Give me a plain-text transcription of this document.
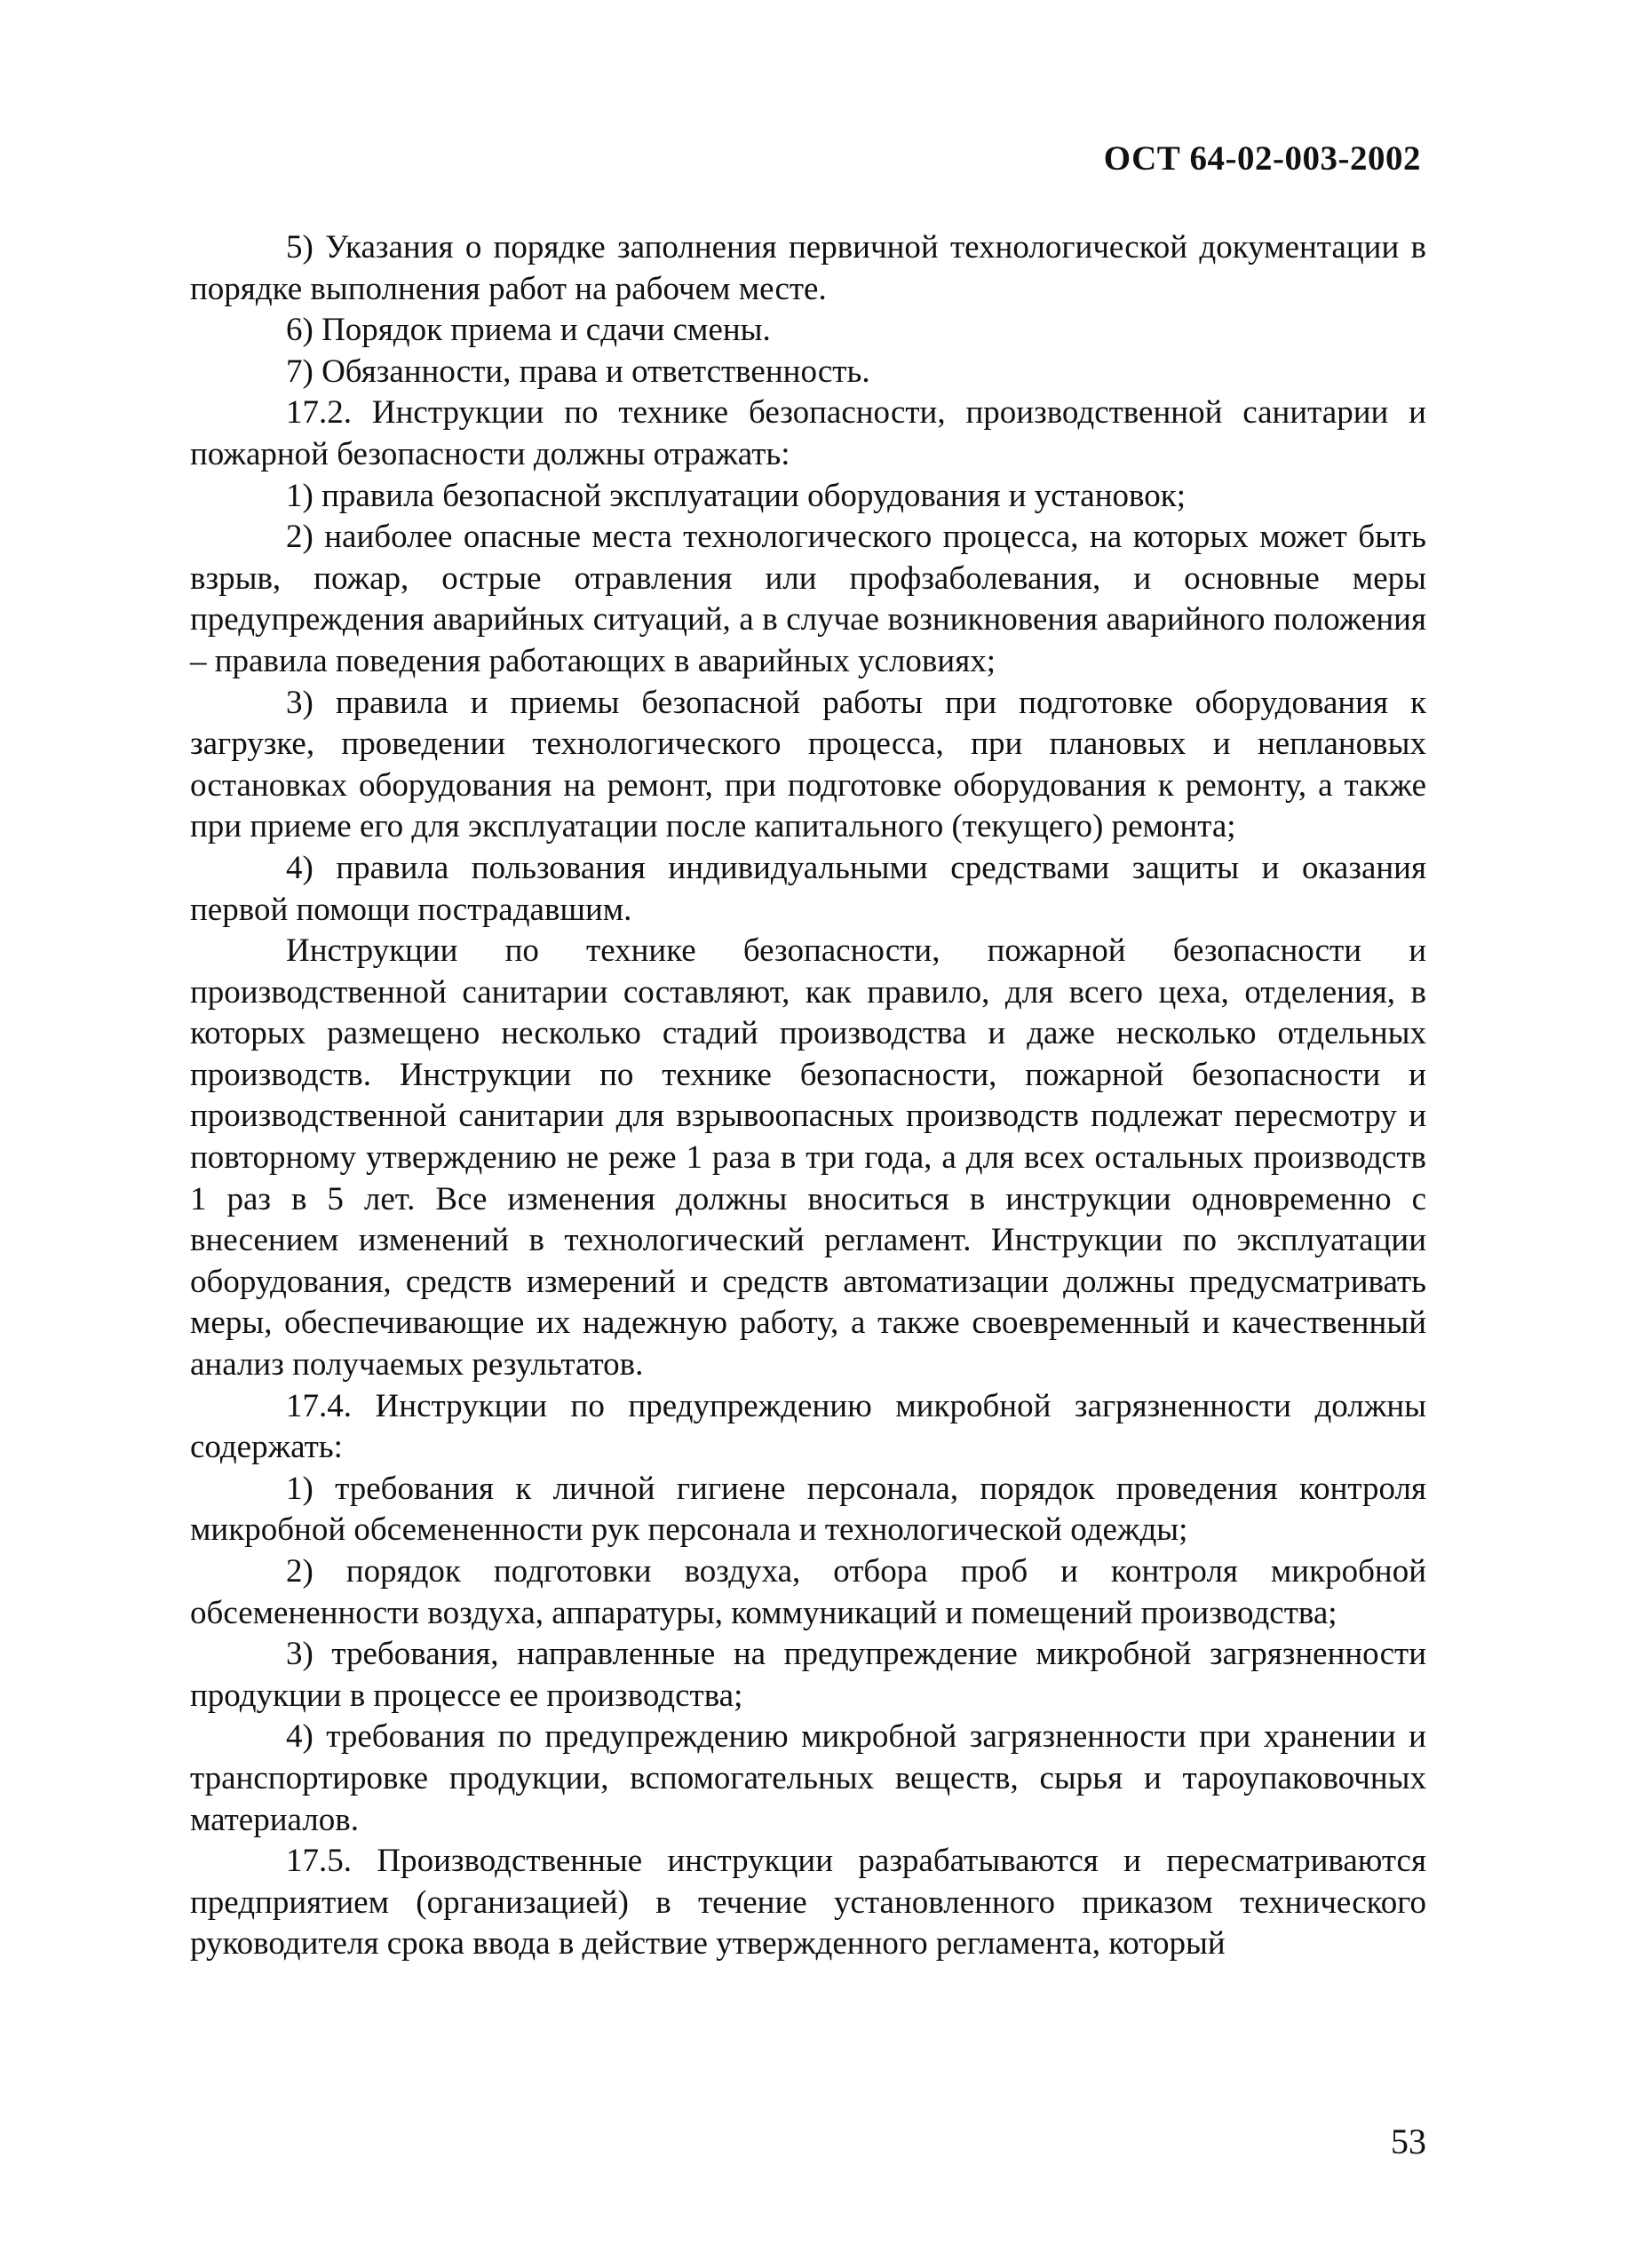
ОСТ 64-02-003-2002

5) Указания о порядке заполнения первичной технологической документации в порядке выполнения работ на рабочем месте.

6) Порядок приема и сдачи смены.

7) Обязанности, права и ответственность.

17.2. Инструкции по технике безопасности, производственной санитарии и пожарной безопасности должны отражать:

1) правила безопасной эксплуатации оборудования и установок;

2) наиболее опасные места технологического процесса, на которых может быть взрыв, пожар, острые отравления или профзаболевания, и основные меры предупреждения аварийных ситуаций, а в случае возникновения аварийного положения – правила поведения работающих в аварийных условиях;

3) правила и приемы безопасной работы при подготовке оборудования к загрузке, проведении технологического процесса, при плановых и неплановых остановках оборудования на ремонт, при подготовке оборудования к ремонту, а также при приеме его для эксплуатации после капитального (текущего) ремонта;

4) правила пользования индивидуальными средствами защиты и оказания первой помощи пострадавшим.

Инструкции по технике безопасности, пожарной безопасности и производственной санитарии составляют, как правило, для всего цеха, отделения, в которых размещено несколько стадий производства и даже несколько отдельных производств. Инструкции по технике безопасности, пожарной безопасности и производственной санитарии для взрывоопасных производств подлежат пересмотру и повторному утверждению не реже 1 раза в три года, а для всех остальных производств 1 раз в 5 лет. Все изменения должны вноситься в инструкции одновременно с внесением изменений в технологический регламент. Инструкции по эксплуатации оборудования, средств измерений и средств автоматизации должны предусматривать меры, обеспечивающие их надежную работу, а также своевременный и качественный анализ получаемых результатов.

17.4. Инструкции по предупреждению микробной загрязненности должны содержать:

1) требования к личной гигиене персонала, порядок проведения контроля микробной обсемененности рук персонала и технологической одежды;

2) порядок подготовки воздуха, отбора проб и контроля микробной обсемененности воздуха, аппаратуры, коммуникаций и помещений производства;

3) требования, направленные на предупреждение микробной загрязненности продукции в процессе ее производства;

4) требования по предупреждению микробной загрязненности при хранении и транспортировке продукции, вспомогательных веществ, сырья и тароупаковочных материалов.

17.5. Производственные инструкции разрабатываются и пересматриваются предприятием (организацией) в течение установленного приказом технического руководителя срока ввода в действие утвержденного регламента, который

53
